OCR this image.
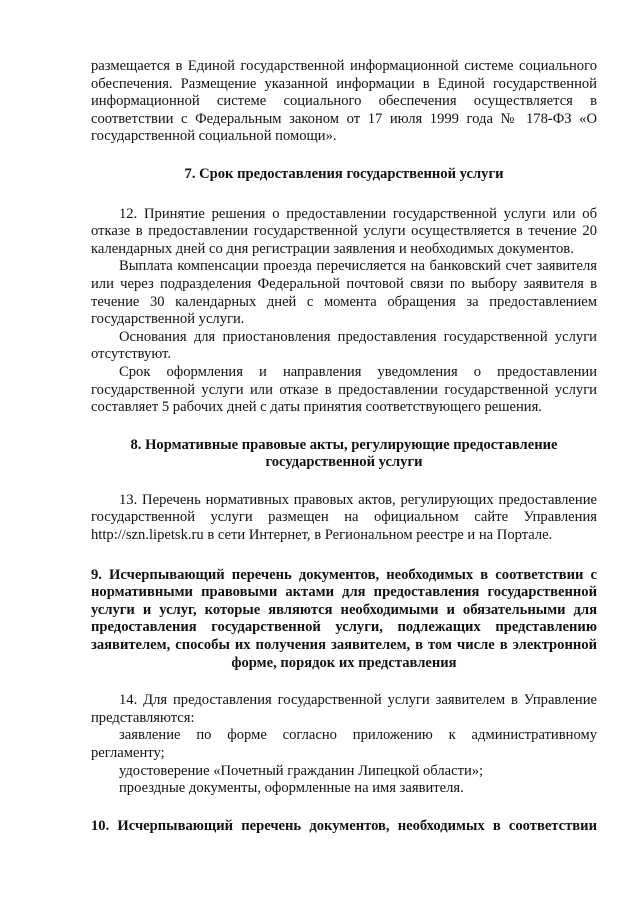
размещается в Единой государственной информационной системе социального обеспечения. Размещение указанной информации в Единой государственной информационной системе социального обеспечения осуществляется в соответствии с Федеральным законом от 17 июля 1999 года № 178-ФЗ «О государственной социальной помощи».

7. Срок предоставления государственной услуги

12. Принятие решения о предоставлении государственной услуги или об отказе в предоставлении государственной услуги осуществляется в течение 20 календарных дней со дня регистрации заявления и необходимых документов.

Выплата компенсации проезда перечисляется на банковский счет заявителя или через подразделения Федеральной почтовой связи по выбору заявителя в течение 30 календарных дней с момента обращения за предоставлением государственной услуги.

Основания для приостановления предоставления государственной услуги отсутствуют.

Срок оформления и направления уведомления о предоставлении государственной услуги или отказе в предоставлении государственной услуги составляет 5 рабочих дней с даты принятия соответствующего решения.

8. Нормативные правовые акты, регулирующие предоставление государственной услуги

13. Перечень нормативных правовых актов, регулирующих предоставление государственной услуги размещен на официальном сайте Управления http://szn.lipetsk.ru в сети Интернет, в Региональном реестре и на Портале.

9. Исчерпывающий перечень документов, необходимых в соответствии с нормативными правовыми актами для предоставления государственной услуги и услуг, которые являются необходимыми и обязательными для предоставления государственной услуги, подлежащих представлению заявителем, способы их получения заявителем, в том числе в электронной форме, порядок их представления

14. Для предоставления государственной услуги заявителем в Управление представляются:

заявление по форме согласно приложению к административному регламенту;

удостоверение «Почетный гражданин Липецкой области»;

проездные документы, оформленные на имя заявителя.

10. Исчерпывающий перечень документов, необходимых в соответствии
